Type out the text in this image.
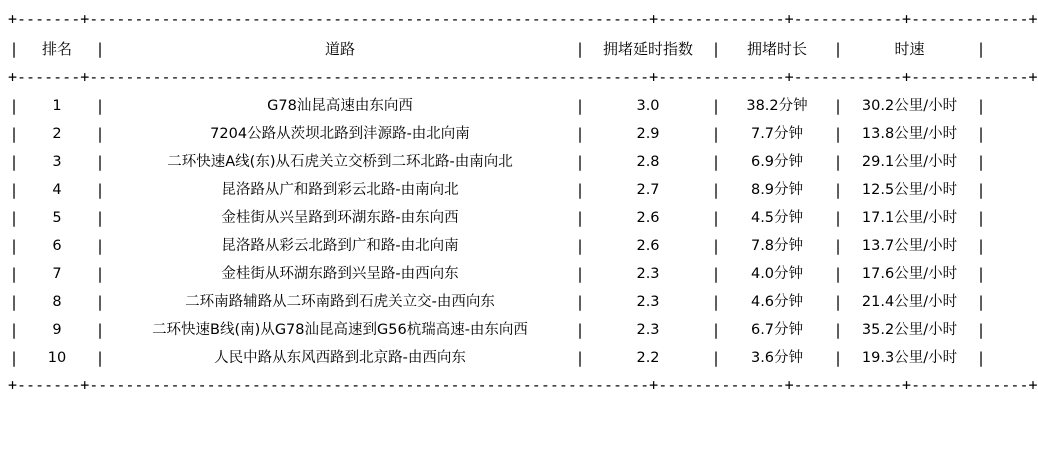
+-------+--------------------------------------------------------------+--------------+------------+-------------+
|	排名	|	道路	|	拥堵延时指数	|	拥堵时长	|	时速	|
+-------+--------------------------------------------------------------+--------------+------------+-------------+
|	1	|	G78汕昆高速由东向西	|	3.0	|	38.2分钟	|	30.2公里/小时	|
|	2	|	7204公路从茨坝北路到沣源路-由北向南	|	2.9	|	7.7分钟	|	13.8公里/小时	|
|	3	|	二环快速A线(东)从石虎关立交桥到二环北路-由南向北	|	2.8	|	6.9分钟	|	29.1公里/小时	|
|	4	|	昆洛路从广和路到彩云北路-由南向北	|	2.7	|	8.9分钟	|	12.5公里/小时	|
|	5	|	金桂街从兴呈路到环湖东路-由东向西	|	2.6	|	4.5分钟	|	17.1公里/小时	|
|	6	|	昆洛路从彩云北路到广和路-由北向南	|	2.6	|	7.8分钟	|	13.7公里/小时	|
|	7	|	金桂街从环湖东路到兴呈路-由西向东	|	2.3	|	4.0分钟	|	17.6公里/小时	|
|	8	|	二环南路辅路从二环南路到石虎关立交-由西向东	|	2.3	|	4.6分钟	|	21.4公里/小时	|
|	9	|	二环快速B线(南)从G78汕昆高速到G56杭瑞高速-由东向西	|	2.3	|	6.7分钟	|	35.2公里/小时	|
|	10	|	人民中路从东风西路到北京路-由西向东	|	2.2	|	3.6分钟	|	19.3公里/小时	|
+-------+--------------------------------------------------------------+--------------+------------+-------------+
